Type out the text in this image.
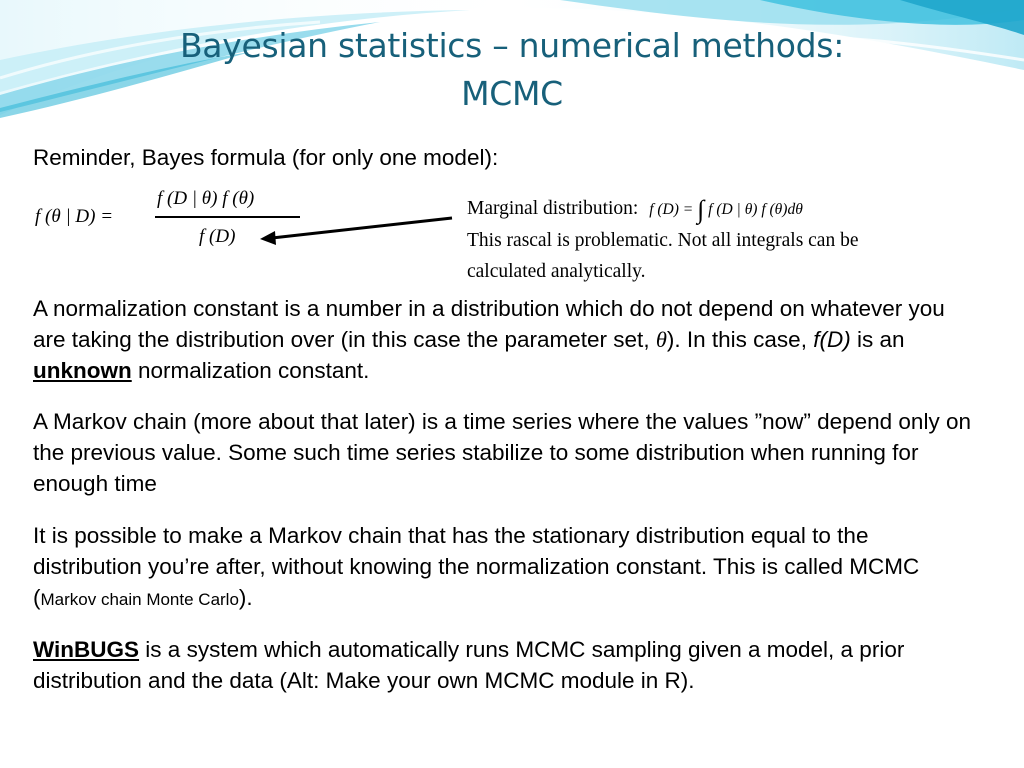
Bayesian statistics – numerical methods:
MCMC
Reminder, Bayes formula (for only one model):
f (θ | D) =
f (D | θ) f (θ)
f (D)
Marginal distribution: f (D) = ∫ f (D | θ) f (θ)dθ
This rascal is problematic. Not all integrals can be
calculated analytically.
A normalization constant is a number in a distribution which do not depend on whatever you are taking the distribution over (in this case the parameter set, θ). In this case, f(D) is an unknown normalization constant.
A Markov chain (more about that later) is a time series where the values ”now” depend only on the previous value. Some such time series stabilize to some distribution when running for enough time
It is possible to make a Markov chain that has the stationary distribution equal to the distribution you’re after, without knowing the normalization constant. This is called MCMC (Markov chain Monte Carlo).
WinBUGS is a system which automatically runs MCMC sampling given a model, a prior distribution and the data (Alt: Make your own MCMC module in R).
